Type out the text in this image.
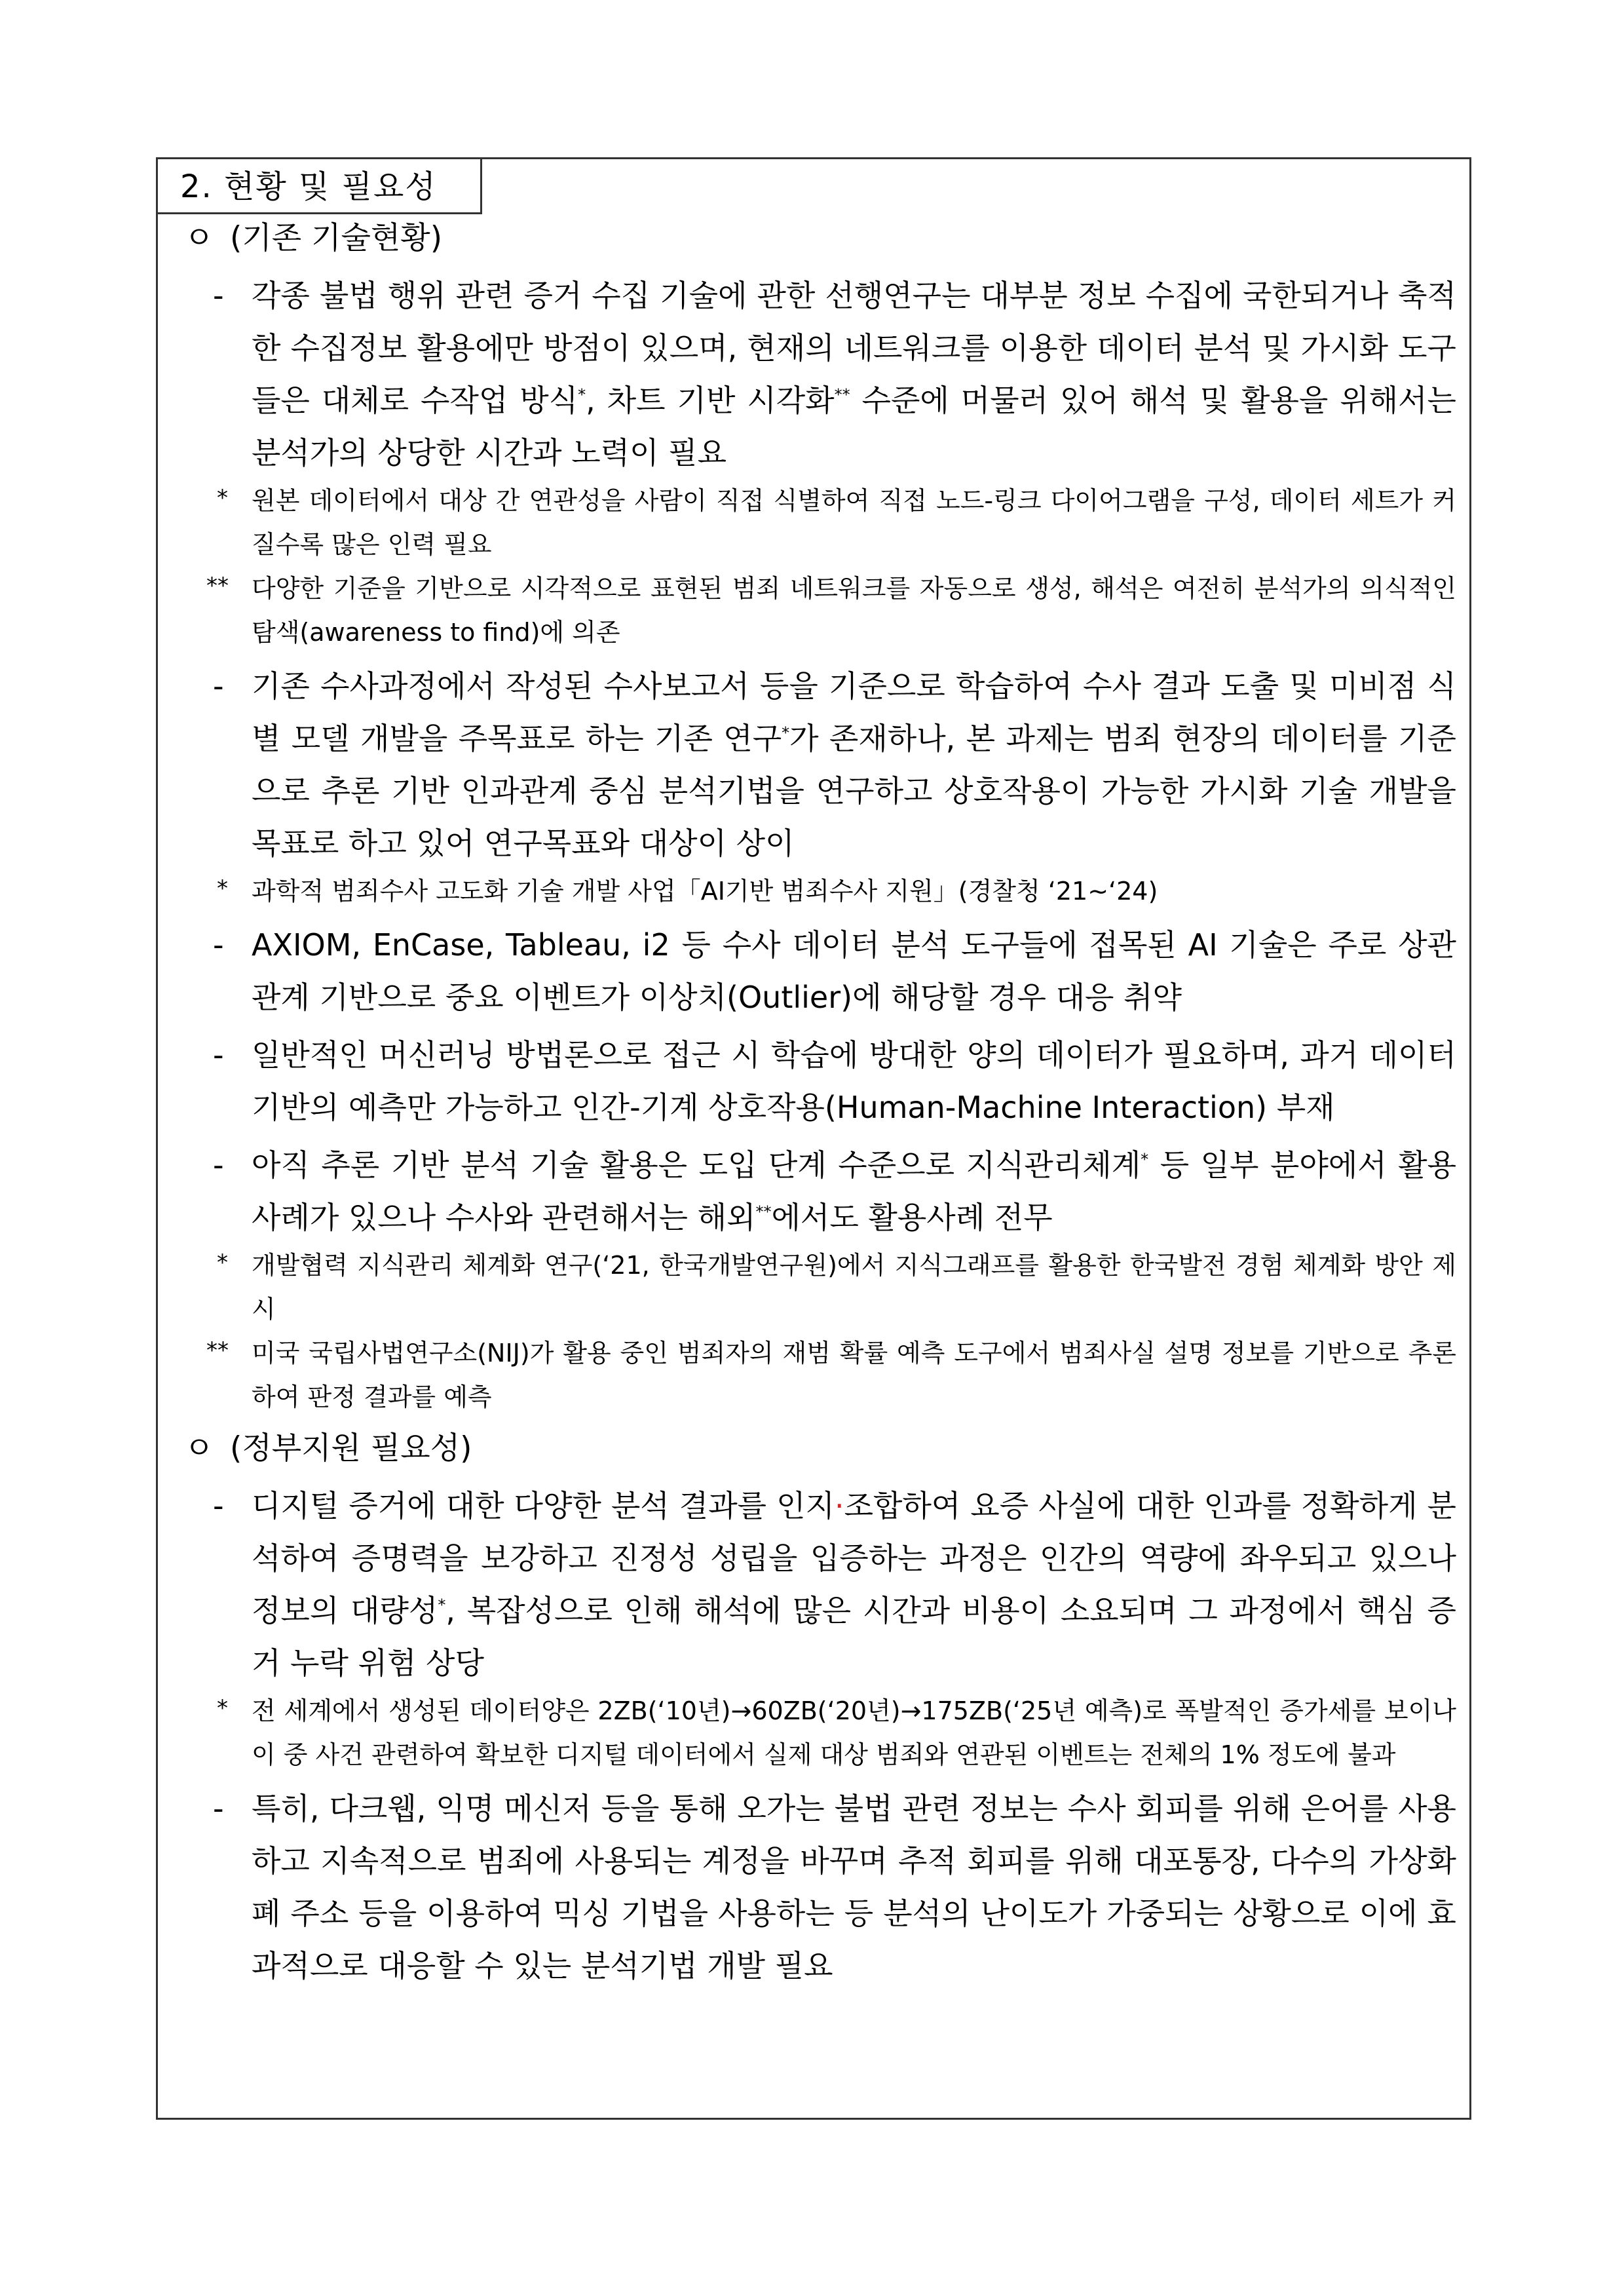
2. 현황 및 필요성
ㅇ (기존 기술현황)
- 각종 불법 행위 관련 증거 수집 기술에 관한 선행연구는 대부분 정보 수집에 국한되거나 축적한 수집정보 활용에만 방점이 있으며, 현재의 네트워크를 이용한 데이터 분석 및 가시화 도구들은 대체로 수작업 방식*, 차트 기반 시각화** 수준에 머물러 있어 해석 및 활용을 위해서는 분석가의 상당한 시간과 노력이 필요
* 원본 데이터에서 대상 간 연관성을 사람이 직접 식별하여 직접 노드-링크 다이어그램을 구성, 데이터 세트가 커질수록 많은 인력 필요
** 다양한 기준을 기반으로 시각적으로 표현된 범죄 네트워크를 자동으로 생성, 해석은 여전히 분석가의 의식적인 탐색(awareness to find)에 의존
- 기존 수사과정에서 작성된 수사보고서 등을 기준으로 학습하여 수사 결과 도출 및 미비점 식별 모델 개발을 주목표로 하는 기존 연구*가 존재하나, 본 과제는 범죄 현장의 데이터를 기준으로 추론 기반 인과관계 중심 분석기법을 연구하고 상호작용이 가능한 가시화 기술 개발을 목표로 하고 있어 연구목표와 대상이 상이
* 과학적 범죄수사 고도화 기술 개발 사업「AI기반 범죄수사 지원」(경찰청 ‘21∼‘24)
- AXIOM, EnCase, Tableau, i2 등 수사 데이터 분석 도구들에 접목된 AI 기술은 주로 상관관계 기반으로 중요 이벤트가 이상치(Outlier)에 해당할 경우 대응 취약
- 일반적인 머신러닝 방법론으로 접근 시 학습에 방대한 양의 데이터가 필요하며, 과거 데이터 기반의 예측만 가능하고 인간-기계 상호작용(Human-Machine Interaction) 부재
- 아직 추론 기반 분석 기술 활용은 도입 단계 수준으로 지식관리체계* 등 일부 분야에서 활용사례가 있으나 수사와 관련해서는 해외**에서도 활용사례 전무
* 개발협력 지식관리 체계화 연구(‘21, 한국개발연구원)에서 지식그래프를 활용한 한국발전 경험 체계화 방안 제시
** 미국 국립사법연구소(NIJ)가 활용 중인 범죄자의 재범 확률 예측 도구에서 범죄사실 설명 정보를 기반으로 추론하여 판정 결과를 예측
ㅇ (정부지원 필요성)
- 디지털 증거에 대한 다양한 분석 결과를 인지·조합하여 요증 사실에 대한 인과를 정확하게 분석하여 증명력을 보강하고 진정성 성립을 입증하는 과정은 인간의 역량에 좌우되고 있으나 정보의 대량성*, 복잡성으로 인해 해석에 많은 시간과 비용이 소요되며 그 과정에서 핵심 증거 누락 위험 상당
* 전 세계에서 생성된 데이터양은 2ZB(‘10년)→60ZB(‘20년)→175ZB(‘25년 예측)로 폭발적인 증가세를 보이나 이 중 사건 관련하여 확보한 디지털 데이터에서 실제 대상 범죄와 연관된 이벤트는 전체의 1% 정도에 불과
- 특히, 다크웹, 익명 메신저 등을 통해 오가는 불법 관련 정보는 수사 회피를 위해 은어를 사용하고 지속적으로 범죄에 사용되는 계정을 바꾸며 추적 회피를 위해 대포통장, 다수의 가상화폐 주소 등을 이용하여 믹싱 기법을 사용하는 등 분석의 난이도가 가중되는 상황으로 이에 효과적으로 대응할 수 있는 분석기법 개발 필요
